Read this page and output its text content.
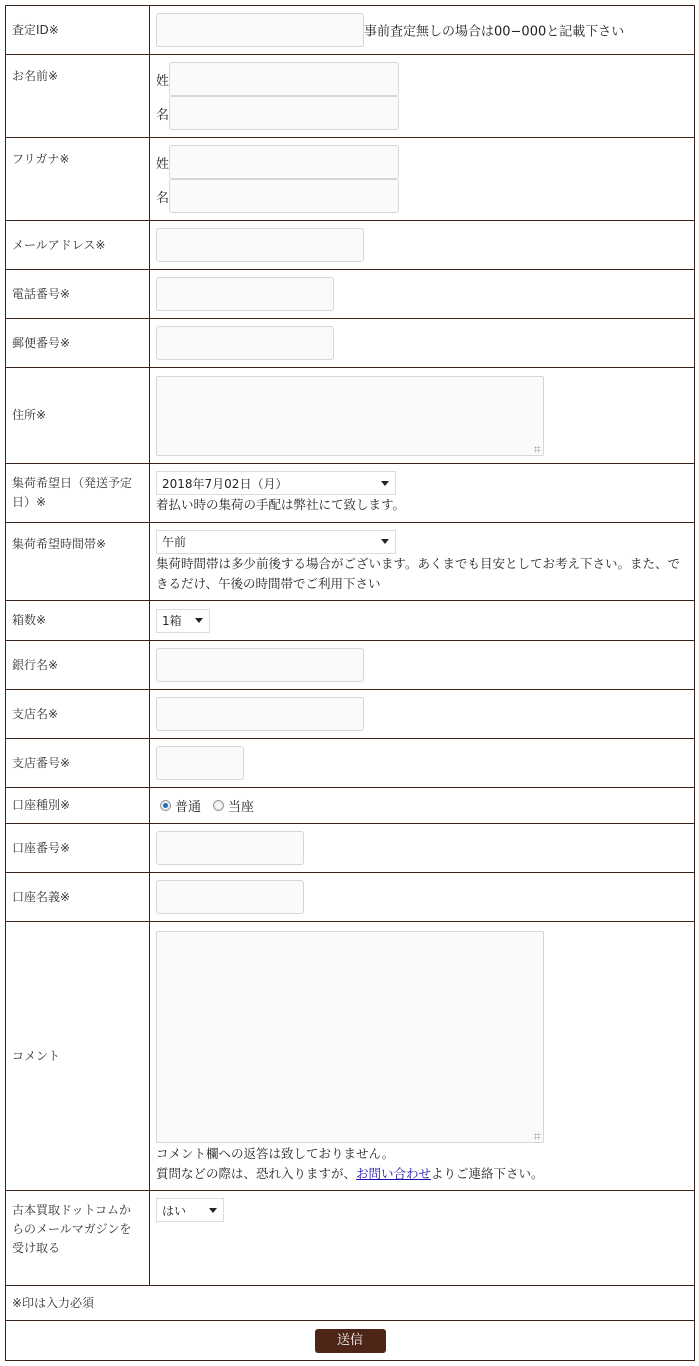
査定ID※	事前査定無しの場合は00−000と記載下さい
お名前※	姓
名

フリガナ※	姓
名

メールアドレス※	
電話番号※	
郵便番号※	
住所※	

集荷希望日（発送予定日）※	2018年7月02日（月）
着払い時の集荷の手配は弊社にて致します。

集荷希望時間帯※	午前
集荷時間帯は多少前後する場合がございます。あくまでも目安としてお考え下さい。また、できるだけ、午後の時間帯でご利用下さい

箱数※	1箱

銀行名※	
支店名※	
支店番号※	
口座種別※	普通
当座

口座番号※	
口座名義※	
コメント	コメント欄への返答は致しておりません。
質問などの際は、恐れ入りますが、お問い合わせよりご連絡下さい。

古本買取ドットコムからのメールマガジンを受け取る	はい

※印は入力必須	
送信	
